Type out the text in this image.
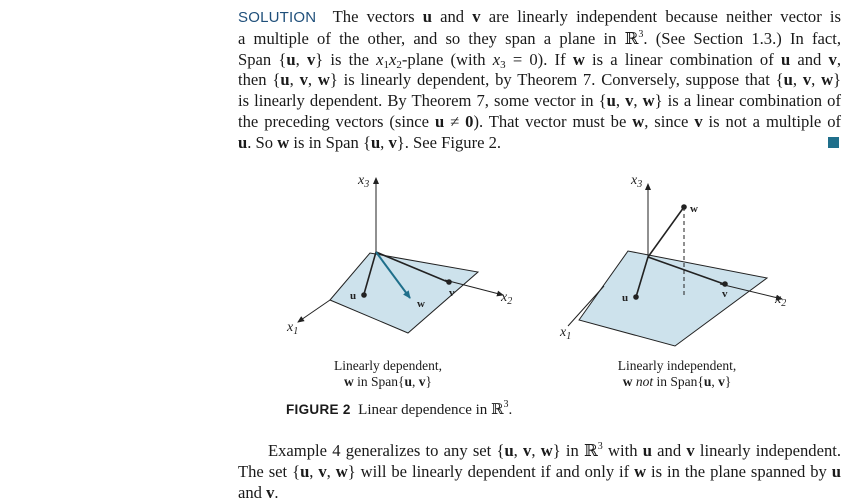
SOLUTION The vectors u and v are linearly independent because neither vector is
a multiple of the other, and so they span a plane in ℝ$^3$. (See Section 1.3.) In fact,
Span {u, v} is the $x_1x_2$-plane (with $x_3 = 0$). If w is a linear combination of u and v,
then {u, v, w} is linearly dependent, by Theorem 7. Conversely, suppose that {u, v, w}
is linearly dependent. By Theorem 7, some vector in {u, v, w} is a linear combination of
the preceding vectors (since u ≠ 0). That vector must be w, since v is not a multiple of
u. So w is in Span {u, v}. See Figure 2.
$x_3$
$x_2$
$x_1$
u	v
w
$x_3$
$x_2$
$x_1$
u	v
w
Linearly dependent,
w in Span{u, v}
Linearly independent,
w not in Span{u, v}
FIGURE 2 Linear dependence in ℝ$^3$.
Example 4 generalizes to any set {u, v, w} in ℝ$^3$ with u and v linearly independent.
The set {u, v, w} will be linearly dependent if and only if w is in the plane spanned by u
and v.
